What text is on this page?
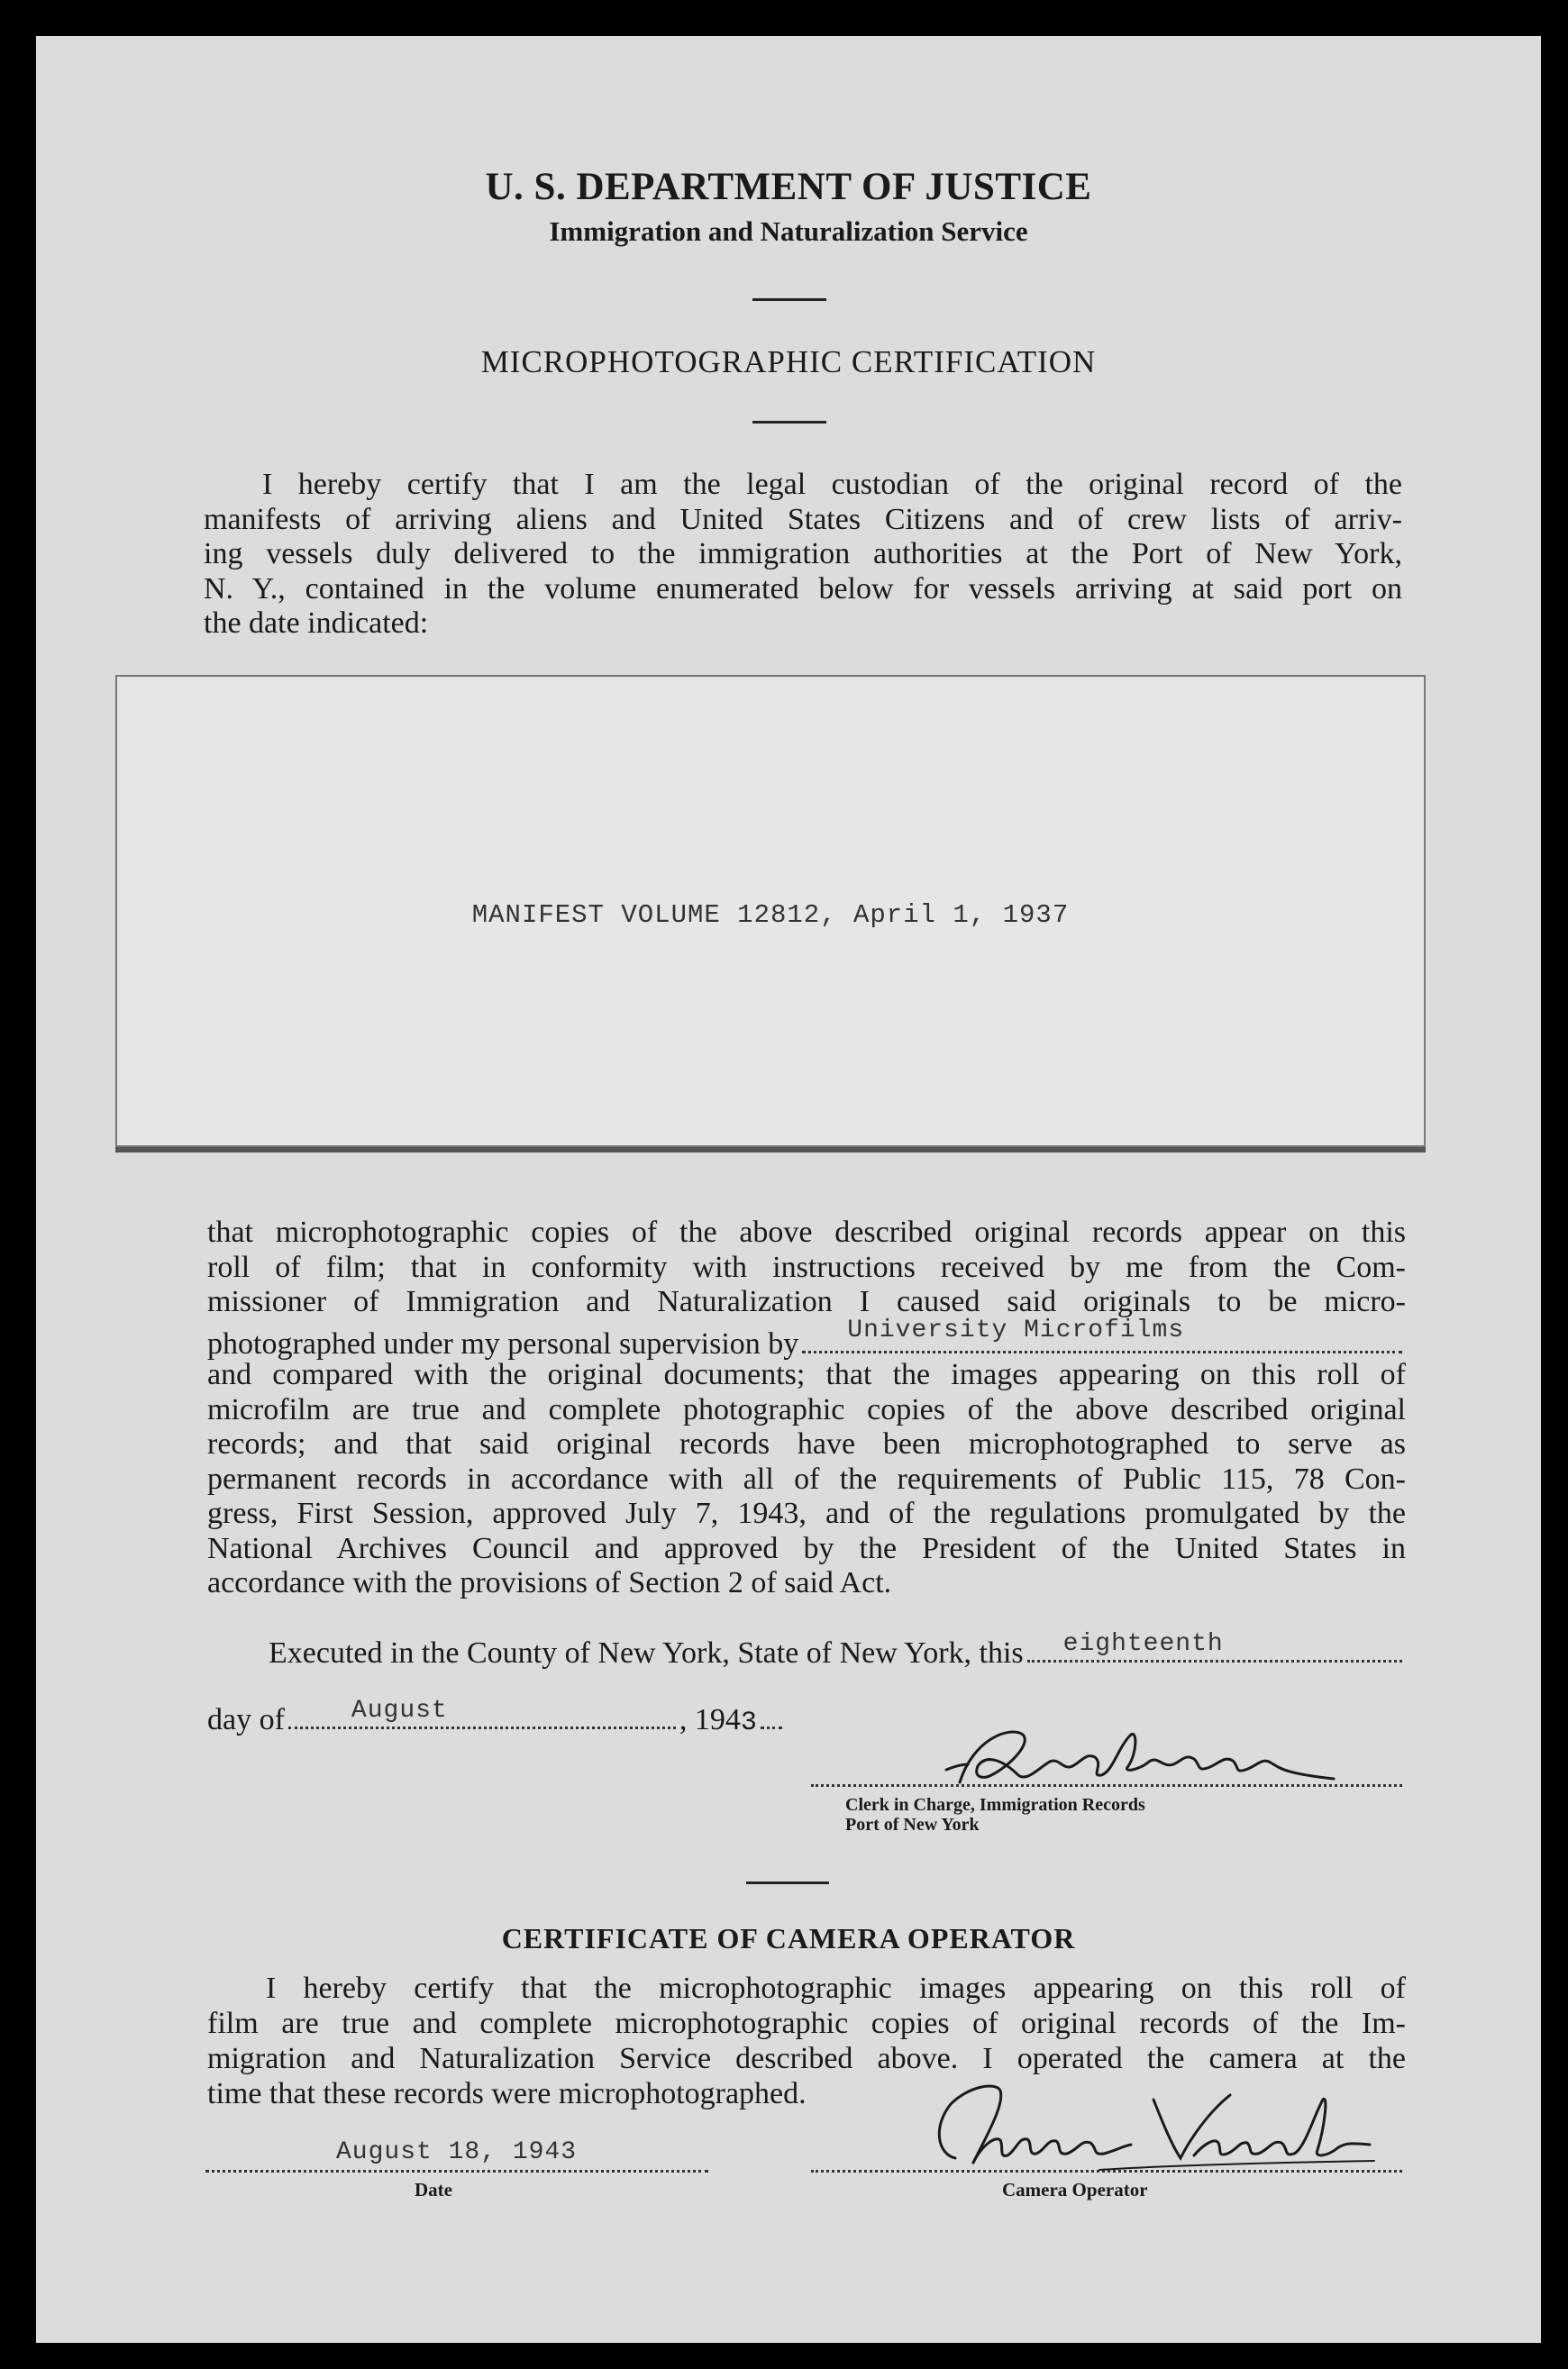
U. S. DEPARTMENT OF JUSTICE
Immigration and Naturalization Service
MICROPHOTOGRAPHIC CERTIFICATION
I hereby certify that I am the legal custodian of the original record of the
manifests of arriving aliens and United States Citizens and of crew lists of arriv-
ing vessels duly delivered to the immigration authorities at the Port of New York,
N. Y., contained in the volume enumerated below for vessels arriving at said port on
the date indicated:
MANIFEST VOLUME 12812, April 1, 1937
that microphotographic copies of the above described original records appear on this
roll of film; that in conformity with instructions received by me from the Com-
missioner of Immigration and Naturalization I caused said originals to be micro-
photographed under my personal supervision by University Microfilms
and compared with the original documents; that the images appearing on this roll of
microfilm are true and complete photographic copies of the above described original
records; and that said original records have been microphotographed to serve as
permanent records in accordance with all of the requirements of Public 115, 78 Con-
gress, First Session, approved July 7, 1943, and of the regulations promulgated by the
National Archives Council and approved by the President of the United States in
accordance with the provisions of Section 2 of said Act.
Executed in the County of New York, State of New York, this eighteenth
day of	August	, 194 3
Clerk in Charge, Immigration Records
Port of New York
CERTIFICATE OF CAMERA OPERATOR
I hereby certify that the microphotographic images appearing on this roll of
film are true and complete microphotographic copies of original records of the Im-
migration and Naturalization Service described above. I operated the camera at the
time that these records were microphotographed.
August 18, 1943
Date	Camera Operator
